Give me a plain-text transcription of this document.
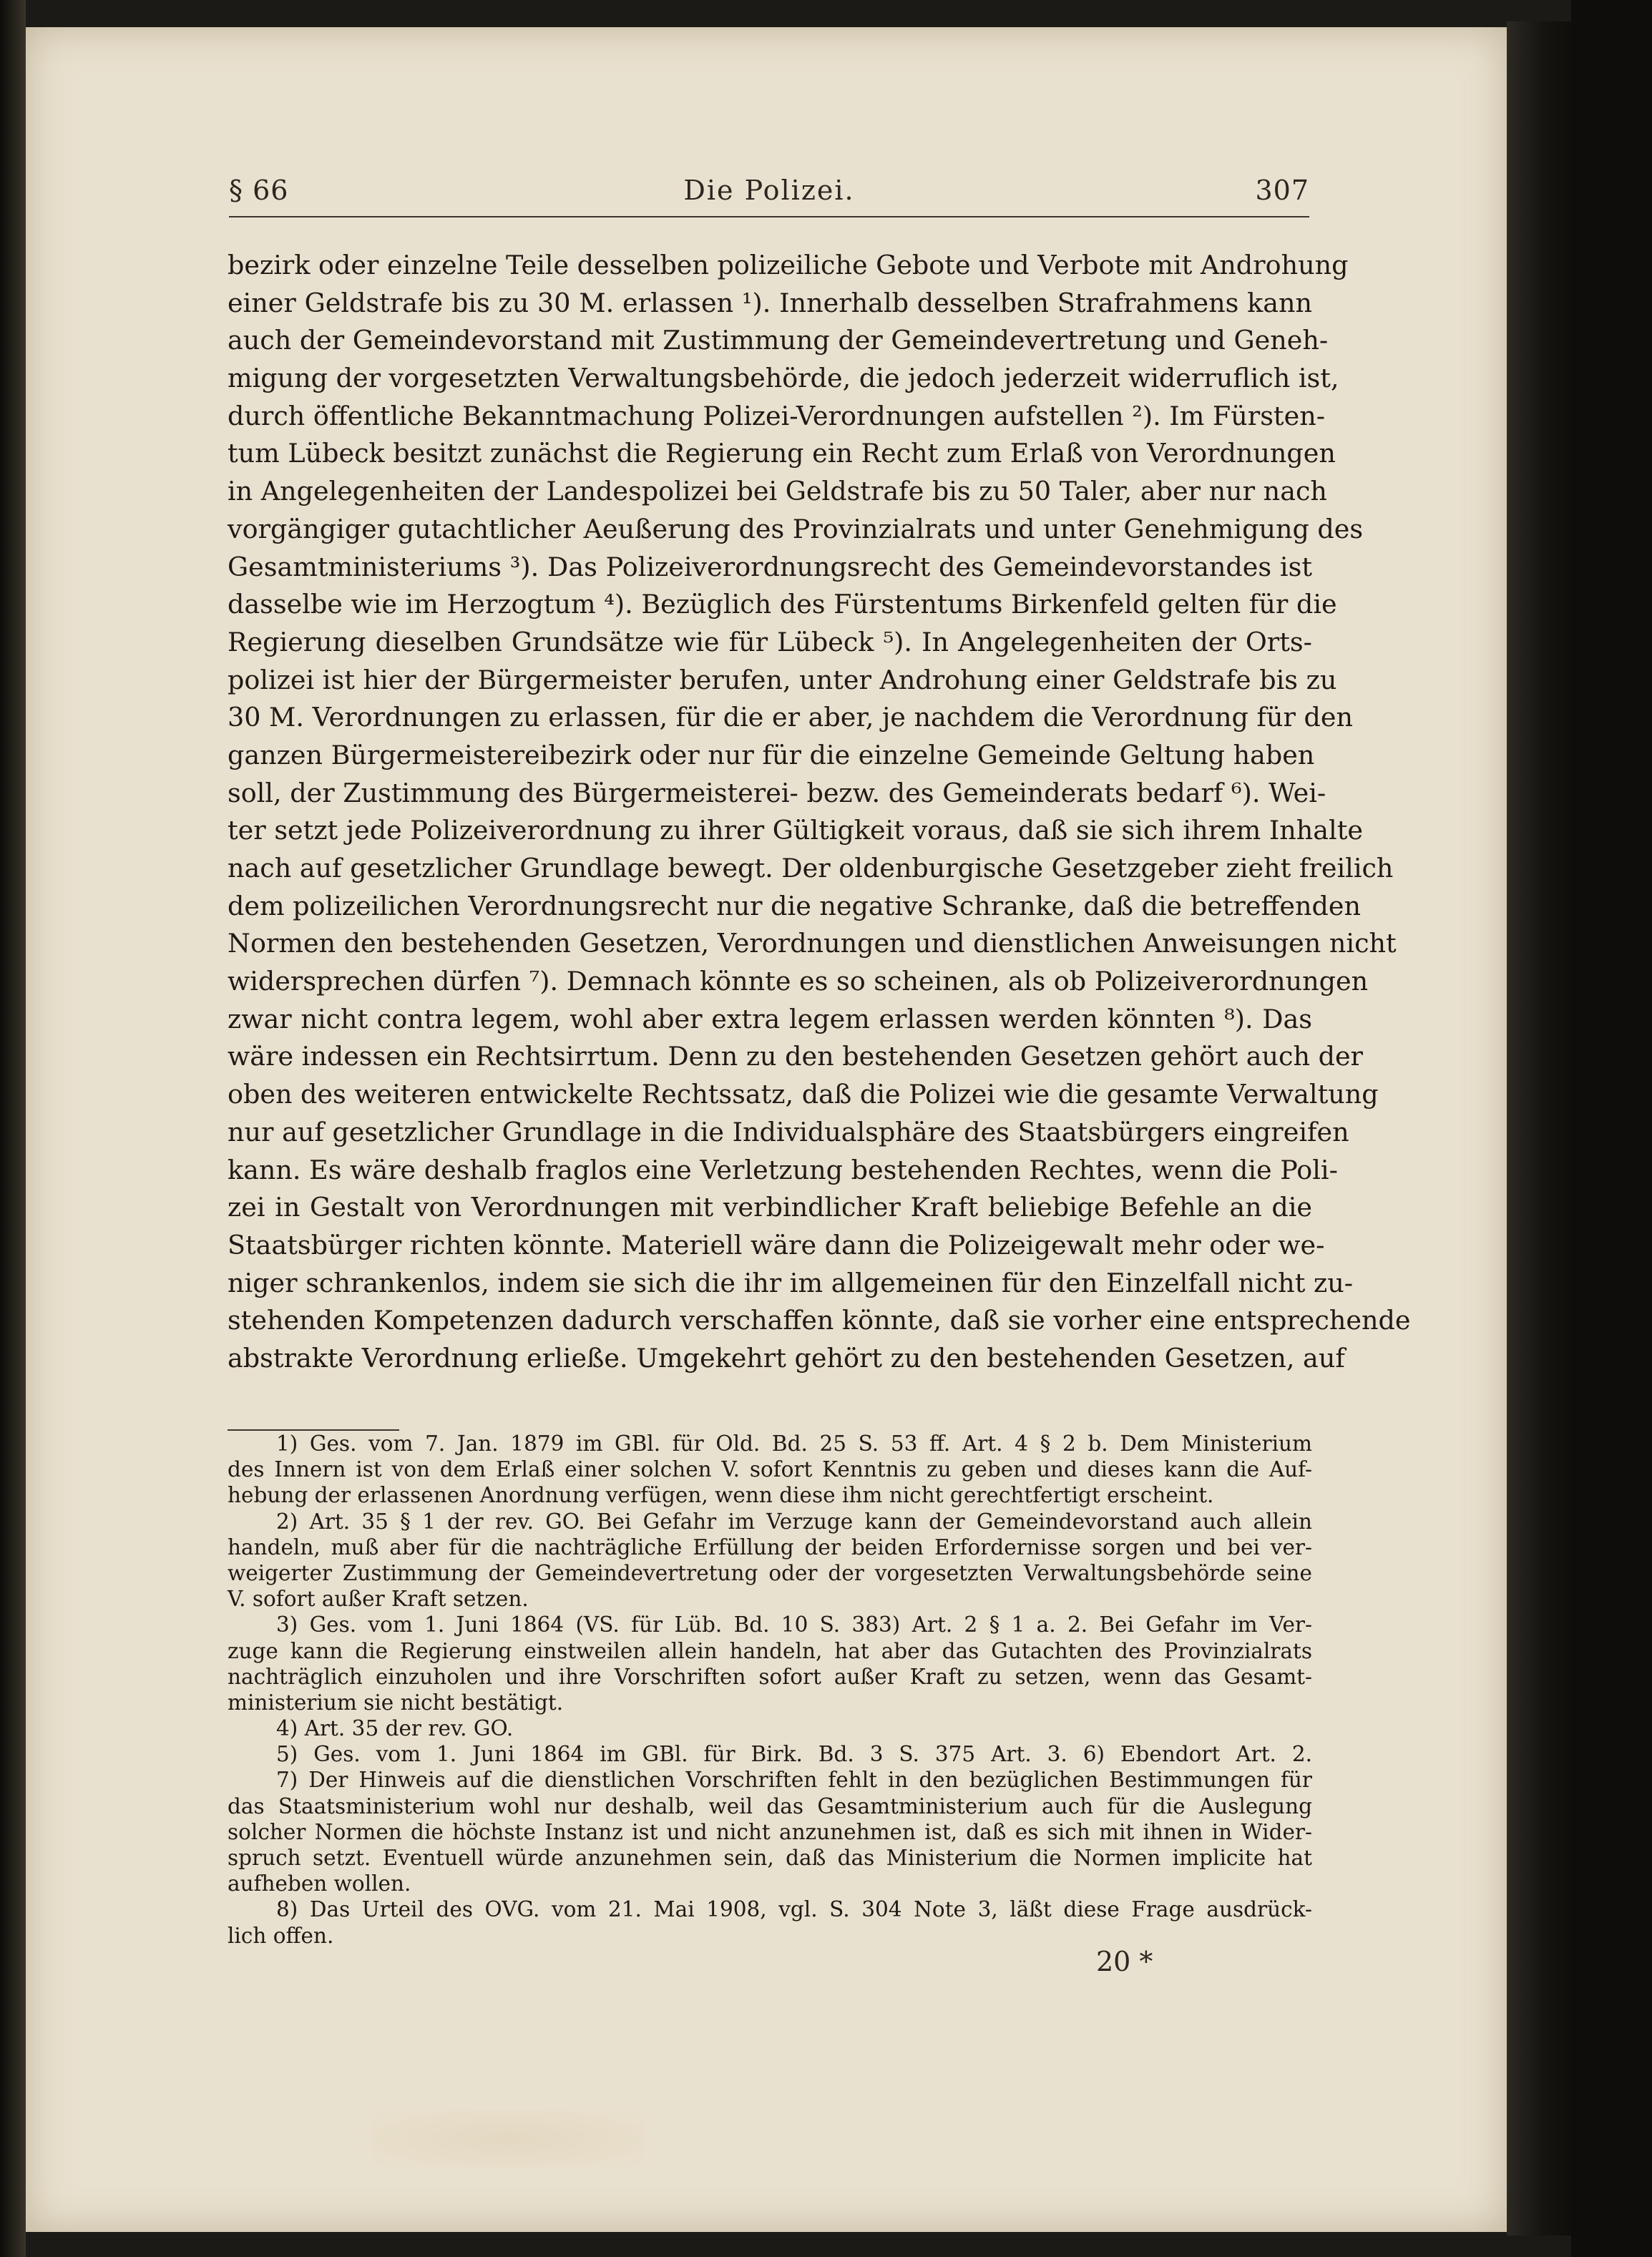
§ 66	Die Polizei.	307
bezirk oder einzelne Teile desselben polizeiliche Gebote und Verbote mit Androhung
einer Geldstrafe bis zu 30 M. erlassen ¹). Innerhalb desselben Strafrahmens kann
auch der Gemeindevorstand mit Zustimmung der Gemeindevertretung und Geneh-
migung der vorgesetzten Verwaltungsbehörde, die jedoch jederzeit widerruflich ist,
durch öffentliche Bekanntmachung Polizei-Verordnungen aufstellen ²). Im Fürsten-
tum Lübeck besitzt zunächst die Regierung ein Recht zum Erlaß von Verordnungen
in Angelegenheiten der Landespolizei bei Geldstrafe bis zu 50 Taler, aber nur nach
vorgängiger gutachtlicher Aeußerung des Provinzialrats und unter Genehmigung des
Gesamtministeriums ³). Das Polizeiverordnungsrecht des Gemeindevorstandes ist
dasselbe wie im Herzogtum ⁴). Bezüglich des Fürstentums Birkenfeld gelten für die
Regierung dieselben Grundsätze wie für Lübeck ⁵). In Angelegenheiten der Orts-
polizei ist hier der Bürgermeister berufen, unter Androhung einer Geldstrafe bis zu
30 M. Verordnungen zu erlassen, für die er aber, je nachdem die Verordnung für den
ganzen Bürgermeistereibezirk oder nur für die einzelne Gemeinde Geltung haben
soll, der Zustimmung des Bürgermeisterei- bezw. des Gemeinderats bedarf ⁶). Wei-
ter setzt jede Polizeiverordnung zu ihrer Gültigkeit voraus, daß sie sich ihrem Inhalte
nach auf gesetzlicher Grundlage bewegt. Der oldenburgische Gesetzgeber zieht freilich
dem polizeilichen Verordnungsrecht nur die negative Schranke, daß die betreffenden
Normen den bestehenden Gesetzen, Verordnungen und dienstlichen Anweisungen nicht
widersprechen dürfen ⁷). Demnach könnte es so scheinen, als ob Polizeiverordnungen
zwar nicht contra legem, wohl aber extra legem erlassen werden könnten ⁸). Das
wäre indessen ein Rechtsirrtum. Denn zu den bestehenden Gesetzen gehört auch der
oben des weiteren entwickelte Rechtssatz, daß die Polizei wie die gesamte Verwaltung
nur auf gesetzlicher Grundlage in die Individualsphäre des Staatsbürgers eingreifen
kann. Es wäre deshalb fraglos eine Verletzung bestehenden Rechtes, wenn die Poli-
zei in Gestalt von Verordnungen mit verbindlicher Kraft beliebige Befehle an die
Staatsbürger richten könnte. Materiell wäre dann die Polizeigewalt mehr oder we-
niger schrankenlos, indem sie sich die ihr im allgemeinen für den Einzelfall nicht zu-
stehenden Kompetenzen dadurch verschaffen könnte, daß sie vorher eine entsprechende
abstrakte Verordnung erließe. Umgekehrt gehört zu den bestehenden Gesetzen, auf
1) Ges. vom 7. Jan. 1879 im GBl. für Old. Bd. 25 S. 53 ff. Art. 4 § 2 b. Dem Ministerium
des Innern ist von dem Erlaß einer solchen V. sofort Kenntnis zu geben und dieses kann die Auf-
hebung der erlassenen Anordnung verfügen, wenn diese ihm nicht gerechtfertigt erscheint.
2) Art. 35 § 1 der rev. GO. Bei Gefahr im Verzuge kann der Gemeindevorstand auch allein
handeln, muß aber für die nachträgliche Erfüllung der beiden Erfordernisse sorgen und bei ver-
weigerter Zustimmung der Gemeindevertretung oder der vorgesetzten Verwaltungsbehörde seine
V. sofort außer Kraft setzen.
3) Ges. vom 1. Juni 1864 (VS. für Lüb. Bd. 10 S. 383) Art. 2 § 1 a. 2. Bei Gefahr im Ver-
zuge kann die Regierung einstweilen allein handeln, hat aber das Gutachten des Provinzialrats
nachträglich einzuholen und ihre Vorschriften sofort außer Kraft zu setzen, wenn das Gesamt-
ministerium sie nicht bestätigt.
4) Art. 35 der rev. GO.
5) Ges. vom 1. Juni 1864 im GBl. für Birk. Bd. 3 S. 375 Art. 3. 6) Ebendort Art. 2.
7) Der Hinweis auf die dienstlichen Vorschriften fehlt in den bezüglichen Bestimmungen für
das Staatsministerium wohl nur deshalb, weil das Gesamtministerium auch für die Auslegung
solcher Normen die höchste Instanz ist und nicht anzunehmen ist, daß es sich mit ihnen in Wider-
spruch setzt. Eventuell würde anzunehmen sein, daß das Ministerium die Normen implicite hat
aufheben wollen.
8) Das Urteil des OVG. vom 21. Mai 1908, vgl. S. 304 Note 3, läßt diese Frage ausdrück-
lich offen.
20 *
